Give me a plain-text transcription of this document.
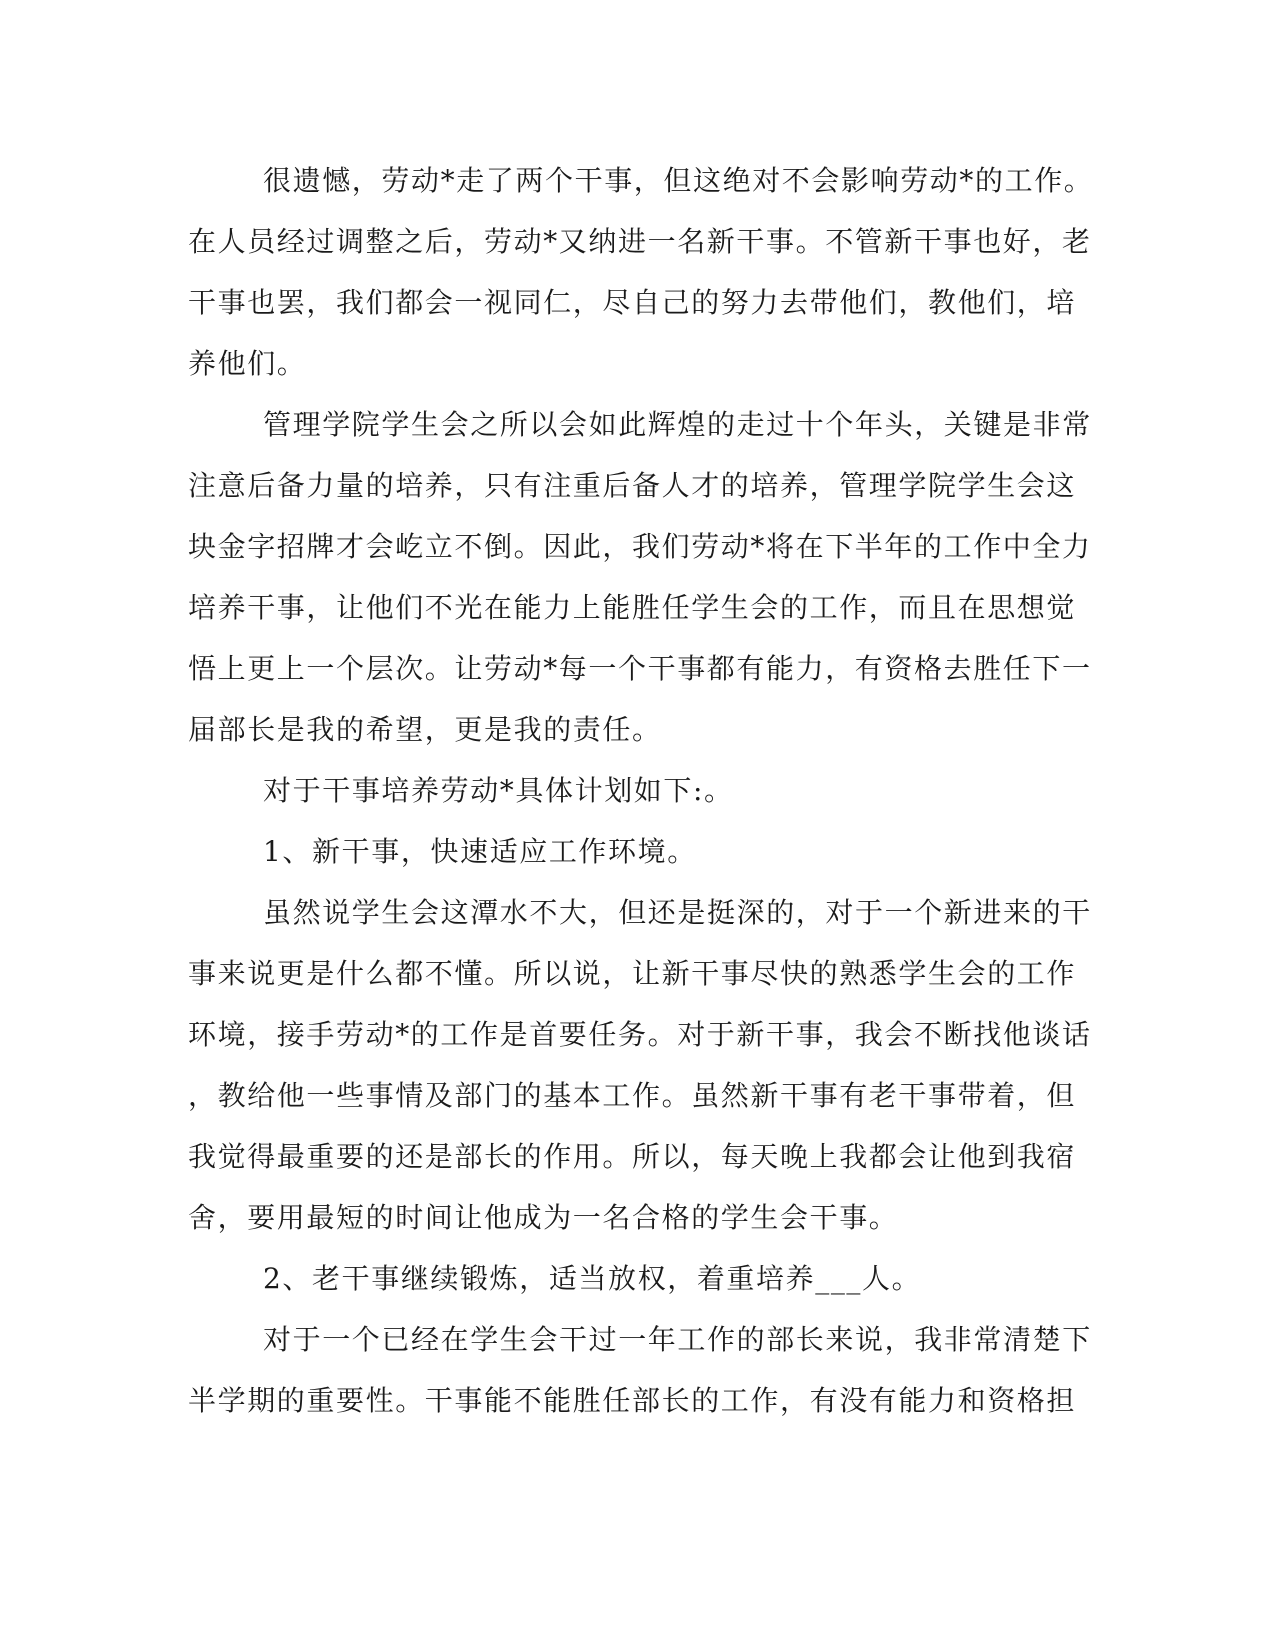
很遗憾，劳动*走了两个干事，但这绝对不会影响劳动*的工作。
在人员经过调整之后，劳动*又纳进一名新干事。不管新干事也好，老
干事也罢，我们都会一视同仁，尽自己的努力去带他们，教他们，培
养他们。
管理学院学生会之所以会如此辉煌的走过十个年头，关键是非常
注意后备力量的培养，只有注重后备人才的培养，管理学院学生会这
块金字招牌才会屹立不倒。因此，我们劳动*将在下半年的工作中全力
培养干事，让他们不光在能力上能胜任学生会的工作，而且在思想觉
悟上更上一个层次。让劳动*每一个干事都有能力，有资格去胜任下一
届部长是我的希望，更是我的责任。
对于干事培养劳动*具体计划如下:。
1、新干事，快速适应工作环境。
虽然说学生会这潭水不大，但还是挺深的，对于一个新进来的干
事来说更是什么都不懂。所以说，让新干事尽快的熟悉学生会的工作
环境，接手劳动*的工作是首要任务。对于新干事，我会不断找他谈话
，教给他一些事情及部门的基本工作。虽然新干事有老干事带着，但
我觉得最重要的还是部长的作用。所以，每天晚上我都会让他到我宿
舍，要用最短的时间让他成为一名合格的学生会干事。
2、老干事继续锻炼，适当放权，着重培养___人。
对于一个已经在学生会干过一年工作的部长来说，我非常清楚下
半学期的重要性。干事能不能胜任部长的工作，有没有能力和资格担
